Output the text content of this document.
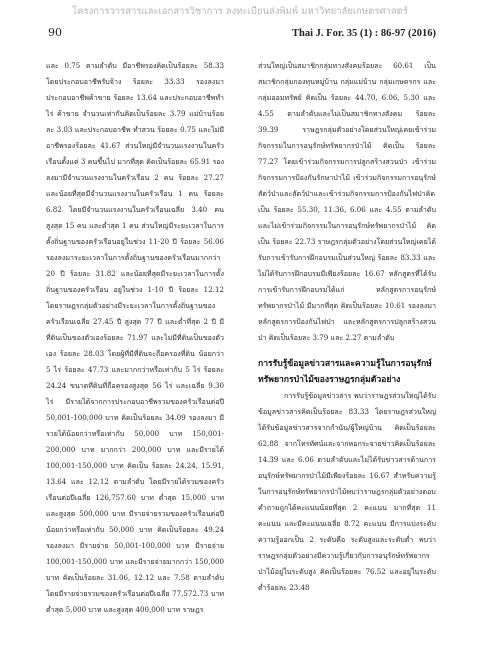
โครงการวารสารและเอกสารวิชาการ ลงทะเบียนส่งพิมพ์ มหาวิทยาลัยเกษตรศาสตร์
90	Thai J. For. 35 (1) : 86-97 (2016)

และ 0.75 ตามลำดับ มีอาชีพรองคิดเป็นร้อยละ 58.33 โดยประกอบอาชีพรับจ้าง ร้อยละ 33.33 รองลงมา ประกอบอาชีพค้าขาย ร้อยละ 13.64 และประกอบอาชีพทำไร่ ค้าขาย จำนวนเท่ากันคิดเป็นร้อยละ 3.79 แม่บ้านร้อยละ 3.03 และประกอบอาชีพ ทำสวน ร้อยละ 0.75 และไม่มีอาชีพรองร้อยละ 41.67 ส่วนใหญ่มีจำนวนแรงงานในครัวเรือนตั้งแต่ 3 คนขึ้นไป มากที่สุด คิดเป็นร้อยละ 65.91 รองลงมามีจำนวนแรงงานในครัวเรือน 2 คน ร้อยละ 27.27 และน้อยที่สุดมีจำนวนแรงงานในครัวเรือน 1 คน ร้อยละ 6.82 โดยมีจำนวนแรงงานในครัวเรือนเฉลี่ย 3.40 คน สูงสุด 15 คน และต่ำสุด 1 คน ส่วนใหญ่มีระยะเวลาในการตั้งถิ่นฐานของครัวเรือนอยู่ในช่วง 11-20 ปี ร้อยละ 56.06 รองลงมาระยะเวลาในการตั้งถิ่นฐานของครัวเรือนมากกว่า 20 ปี ร้อยละ 31.82 และน้อยที่สุดมีระยะเวลาในการตั้งถิ่นฐานของครัวเรือน อยู่ในช่วง 1-10 ปี ร้อยละ 12.12 โดยราษฎรกลุ่มตัวอย่างมีระยะเวลาในการตั้งถิ่นฐานของครัวเรือนเฉลี่ย 27.45 ปี สูงสุด 77 ปี และต่ำที่สุด 2 ปี มีที่ดินเป็นของตัวเองร้อยละ 71.97 และไม่มีที่ดินเป็นของตัวเอง ร้อยละ 28.03 โดยผู้ที่มีที่ดินจะถือครองที่ดิน น้อยกว่า 5 ไร่ ร้อยละ 47.73 และมากกว่าหรือเท่ากับ 5 ไร่ ร้อยละ 24.24 ขนาดที่ดินที่ถือครองสูงสุด 56 ไร่ และเฉลี่ย 9.30 ไร่ มีรายได้จากการประกอบอาชีพรวมของครัวเรือนต่อปี 50,001-100,000 บาท คิดเป็นร้อยละ 34.09 รองลงมา มีรายได้น้อยกว่าหรือเท่ากับ 50,000 บาท 150,001-200,000 บาท มากกว่า 200,000 บาท และมีรายได้ 100,001-150,000 บาท คิดเป็น ร้อยละ 24.24, 15.91, 13.64 และ 12.12 ตามลำดับ โดยมีรายได้รวมของครัวเรือนต่อปีเฉลี่ย 126,757.60 บาท ต่ำสุด 15,000 บาท และสูงสุด 500,000 บาท มีรายจ่ายรวมของครัวเรือนต่อปีน้อยกว่าหรือเท่ากับ 50,000 บาท คิดเป็นร้อยละ 49.24 รองลงมา มีรายจ่าย 50,001-100,000 บาท มีรายจ่าย 100,001-150,000 บาท และมีรายจ่ายมากกว่า 150,000 บาท คิดเป็นร้อยละ 31.06, 12.12 และ 7.58 ตามลำดับ โดยมีรายจ่ายรวมของครัวเรือนต่อปีเฉลี่ย 77,572.73 บาท ต่ำสุด 5,000 บาท และสูงสุด 400,000 บาท ราษฎร

ส่วนใหญ่เป็นสมาชิกกลุ่มทางสังคมร้อยละ 60.61 เป็นสมาชิกกลุ่มกองทุนหมู่บ้าน กลุ่มแม่บ้าน กลุ่มเกษตรกร และกลุ่มออมทรัพย์ คิดเป็น ร้อยละ 44.70, 6.06, 5.30 และ 4.55 ตามลำดับและไม่เป็นสมาชิกทางสังคม ร้อยละ 39.39 ราษฎรกลุ่มตัวอย่างโดยส่วนใหญ่เคยเข้าร่วมกิจกรรมในการอนุรักษ์ทรัพยากรป่าไม้ คิดเป็น ร้อยละ 77.27 โดยเข้าร่วมกิจกรรมการปลูกสร้างสวนป่า เข้าร่วมกิจกรรมการป้องกันรักษาป่าไม้ เข้าร่วมกิจกรรมการอนุรักษ์สัตว์ป่าและสัตว์ป่าและเข้าร่วมกิจกรรมการป้องกันไฟป่าคิดเป็น ร้อยละ 55.30, 11.36, 6.06 และ 4.55 ตามลำดับ และไม่เข้าร่วมกิจกรรมในการอนุรักษ์ทรัพยากรป่าไม้ คิดเป็น ร้อยละ 22.73 ราษฎรกลุ่มตัวอย่างโดยส่วนใหญ่เคยได้รับการเข้ารับการฝึกอบรมเป็นส่วนใหญ่ ร้อยละ 83.33 และไม่ได้รับการฝึกอบรมมีเพียงร้อยละ 16.67 หลักสูตรที่ได้รับการเข้ารับการฝึกอบรมได้แก่ หลักสูตรการอนุรักษ์ทรัพยากรป่าไม้ มีมากที่สุด คิดเป็นร้อยละ 10.61 รองลงมาหลักสูตรการป้องกันไฟป่า และหลักสูตรการปลูกสร้างสวนป่า คิดเป็นร้อยละ 3.79 และ 2.27 ตามลำดับ

การรับรู้ข้อมูลข่าวสารและความรู้ในการอนุรักษ์ทรัพยากรป่าไม้ของราษฎรกลุ่มตัวอย่าง

การรับรู้ข้อมูลข่าวสาร พบว่าราษฎรส่วนใหญ่ได้รับข้อมูลข่าวสารคิดเป็นร้อยละ 83.33 โดยราษฎรส่วนใหญ่ได้รับข้อมูลข่าวสารจากกำนัน/ผู้ใหญ่บ้าน คิดเป็นร้อยละ 62.88 จากโทรทัศน์และจากหอกระจายข่าวคิดเป็นร้อยละ 14.39 และ 6.06 ตามลำดับและไม่ได้รับข่าวสารด้านการอนุรักษ์ทรัพยากรป่าไม้มีเพียงร้อยละ 16.67 สำหรับความรู้ในการอนุรักษ์ทรัพยากรป่าไม้พบว่าราษฎรกลุ่มตัวอย่างตอบคำถามถูกได้คะแนนน้อยที่สุด 2 คะแนน มากที่สุด 11 คะแนน และมีคะแนนเฉลี่ย 8.72 คะแนน มีการแบ่งระดับความรู้ออกเป็น 2 ระดับคือ ระดับสูงและระดับต่ำ พบว่าราษฎรกลุ่มตัวอย่างมีความรู้เกี่ยวกับการอนุรักษ์ทรัพยากรป่าไม้อยู่ในระดับสูง คิดเป็นร้อยละ 76.52 และอยู่ในระดับต่ำร้อยละ 23.48
